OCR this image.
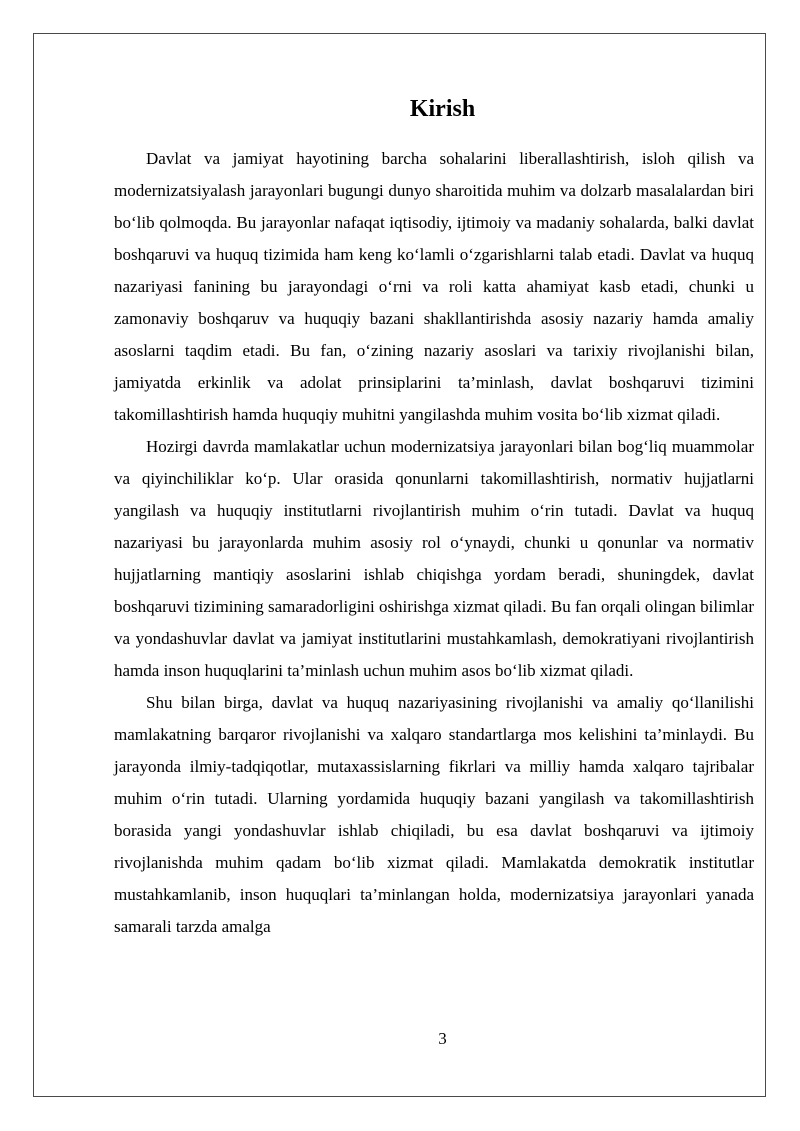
Kirish

Davlat va jamiyat hayotining barcha sohalarini liberallashtirish, isloh qilish va modernizatsiyalash jarayonlari bugungi dunyo sharoitida muhim va dolzarb masalalardan biri bo‘lib qolmoqda. Bu jarayonlar nafaqat iqtisodiy, ijtimoiy va madaniy sohalarda, balki davlat boshqaruvi va huquq tizimida ham keng ko‘lamli o‘zgarishlarni talab etadi. Davlat va huquq nazariyasi fanining bu jarayondagi o‘rni va roli katta ahamiyat kasb etadi, chunki u zamonaviy boshqaruv va huquqiy bazani shakllantirishda asosiy nazariy hamda amaliy asoslarni taqdim etadi. Bu fan, o‘zining nazariy asoslari va tarixiy rivojlanishi bilan, jamiyatda erkinlik va adolat prinsiplarini ta’minlash, davlat boshqaruvi tizimini takomillashtirish hamda huquqiy muhitni yangilashda muhim vosita bo‘lib xizmat qiladi.

Hozirgi davrda mamlakatlar uchun modernizatsiya jarayonlari bilan bog‘liq muammolar va qiyinchiliklar ko‘p. Ular orasida qonunlarni takomillashtirish, normativ hujjatlarni yangilash va huquqiy institutlarni rivojlantirish muhim o‘rin tutadi. Davlat va huquq nazariyasi bu jarayonlarda muhim asosiy rol o‘ynaydi, chunki u qonunlar va normativ hujjatlarning mantiqiy asoslarini ishlab chiqishga yordam beradi, shuningdek, davlat boshqaruvi tizimining samaradorligini oshirishga xizmat qiladi. Bu fan orqali olingan bilimlar va yondashuvlar davlat va jamiyat institutlarini mustahkamlash, demokratiyani rivojlantirish hamda inson huquqlarini ta’minlash uchun muhim asos bo‘lib xizmat qiladi.

Shu bilan birga, davlat va huquq nazariyasining rivojlanishi va amaliy qo‘llanilishi mamlakatning barqaror rivojlanishi va xalqaro standartlarga mos kelishini ta’minlaydi. Bu jarayonda ilmiy-tadqiqotlar, mutaxassislarning fikrlari va milliy hamda xalqaro tajribalar muhim o‘rin tutadi. Ularning yordamida huquqiy bazani yangilash va takomillashtirish borasida yangi yondashuvlar ishlab chiqiladi, bu esa davlat boshqaruvi va ijtimoiy rivojlanishda muhim qadam bo‘lib xizmat qiladi. Mamlakatda demokratik institutlar mustahkamlanib, inson huquqlari ta’minlangan holda, modernizatsiya jarayonlari yanada samarali tarzda amalga

3
